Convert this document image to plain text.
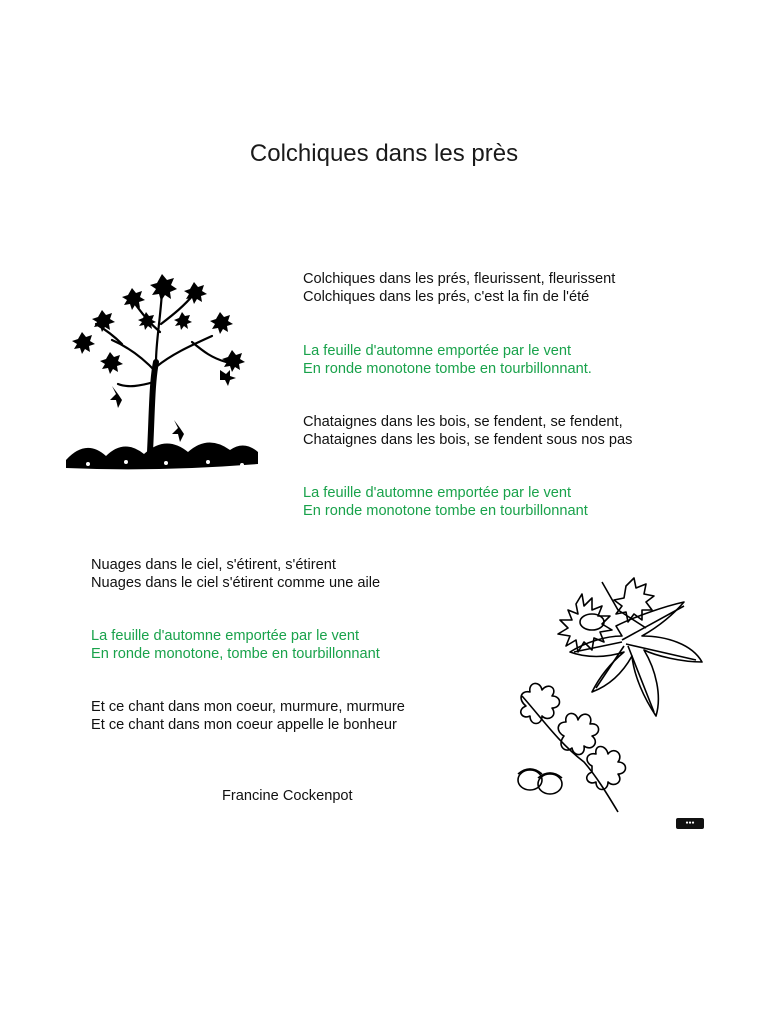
Colchiques dans les près
Colchiques dans les prés, fleurissent, fleurissent
Colchiques dans les prés, c'est la fin de l'été
La feuille d'automne emportée par le vent
En ronde monotone tombe en tourbillonnant.
Chataignes dans les bois, se fendent, se fendent,
Chataignes dans les bois, se fendent sous nos pas
La feuille d'automne emportée par le vent
En ronde monotone tombe en tourbillonnant
Nuages dans le ciel, s'étirent, s'étirent
Nuages dans le ciel s'étirent comme une aile
La feuille d'automne emportée par le vent
En ronde monotone, tombe en tourbillonnant
Et ce chant dans mon coeur, murmure, murmure
Et ce chant dans mon coeur appelle le bonheur
Francine Cockenpot
●●●
